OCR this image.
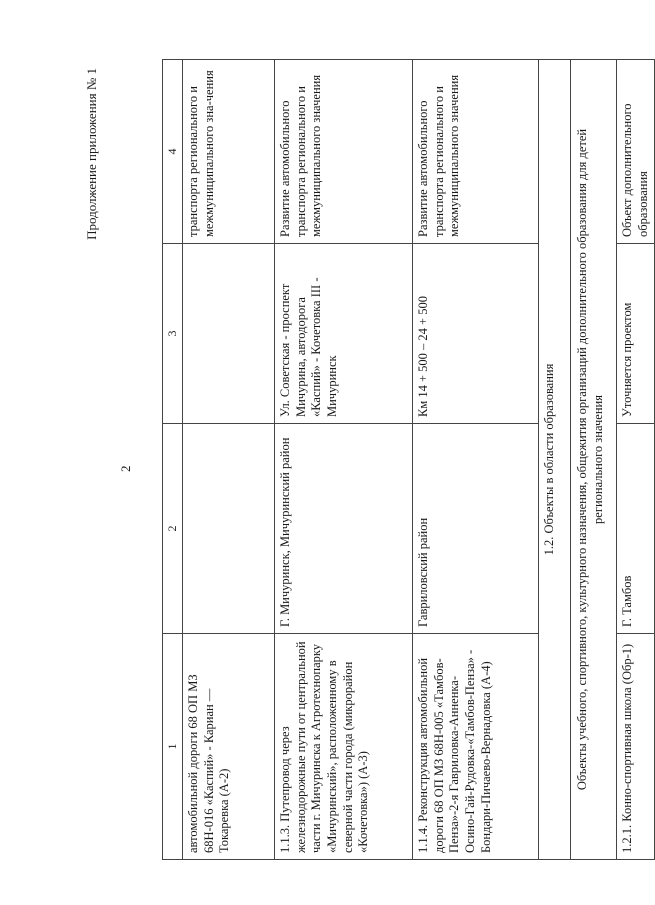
Продолжение приложения № 1
2
1	2	3	4
автомобильной дороги 68 ОП МЗ 68Н-016 «Каспий» - Кариан — Токаревка (А-2)			транспорта регионального и межмуниципального зна-чения
1.1.3. Путепровод через железнодорожные пути от центральной части г. Мичуринска к Агротехнопарку «Мичуринский», расположенному в северной части города (микрорайон «Кочетовка») (А-3)	Г. Мичуринск, Мичуринский район	Ул. Советская - проспект Мичурина, автодорога «Каспий» - Кочетовка III - Мичуринск	Развитие автомобильного транспорта регионального и межмуниципального значения
1.1.4. Реконструкция автомобильной дороги 68 ОП МЗ 68Н-005 «Тамбов-Пенза»-2-я Гавриловка-Анненка-Осино-Гай-Рудовка-«Тамбов-Пенза» - Бондари-Пичаево-Вернадовка (А-4)	Гавриловский район	Км 14 + 500 – 24 + 500	Развитие автомобильного транспорта регионального и межмуниципального значения
1.2. Объекты в области образования			
Объекты учебного, спортивного, культурного назначения, общежития организаций дополнительного образования для детей регионального значения			
1.2.1. Конно-спортивная школа (Обр-1)	Г. Тамбов	Уточняется проектом	Объект дополнительного образования
